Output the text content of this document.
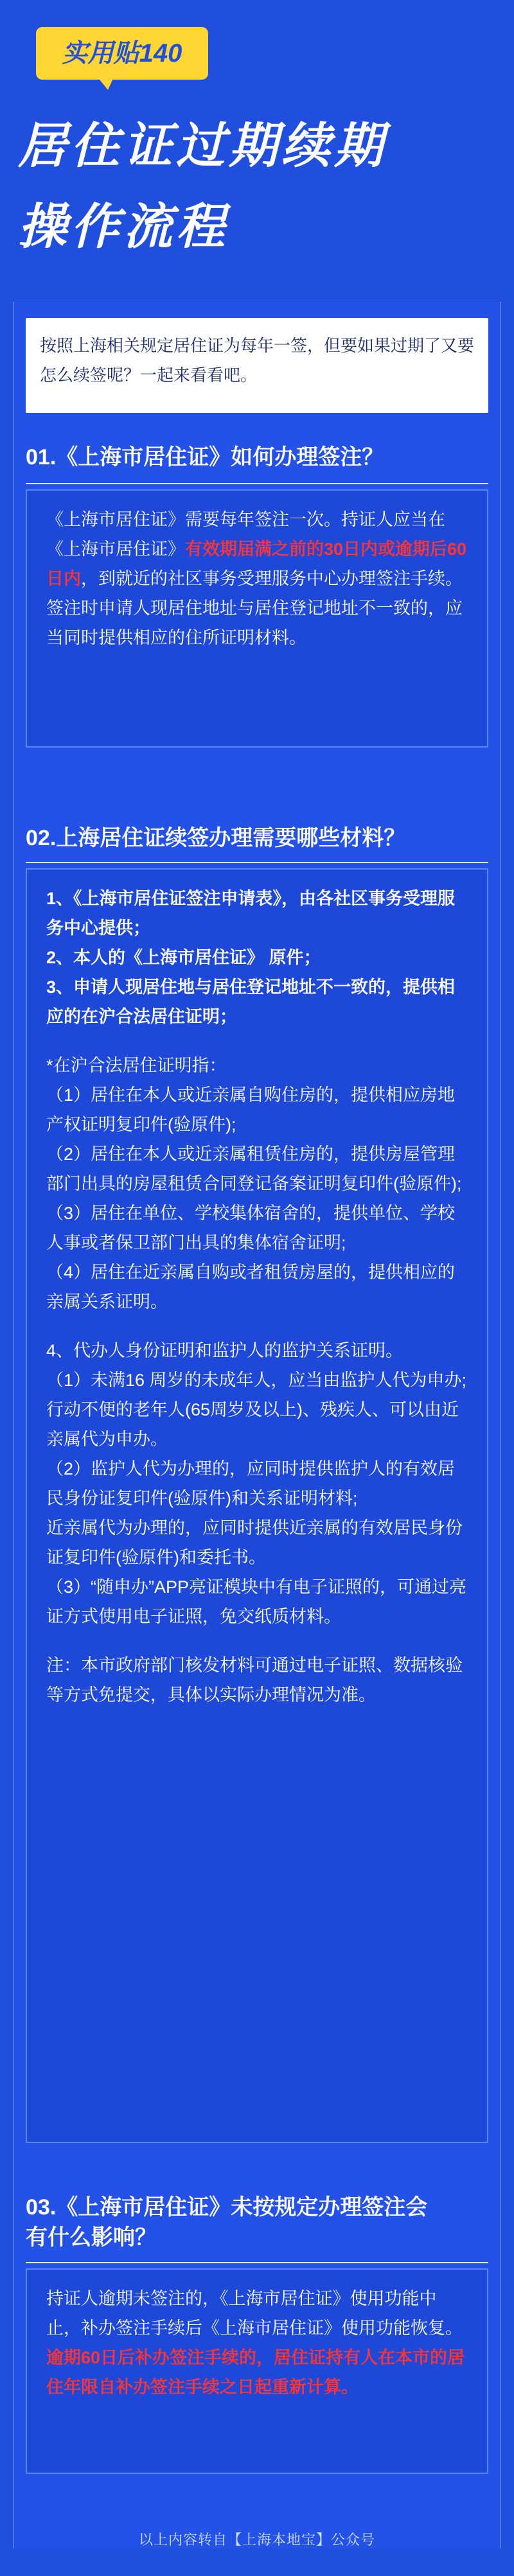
实用贴140
居住证过期续期
操作流程
按照上海相关规定居住证为每年一签，但要如果过期了又要怎么续签呢？一起来看看吧。
01.《上海市居住证》如何办理签注？

《上海市居住证》需要每年签注一次。持证人应当在《上海市居住证》有效期届满之前的30日内或逾期后60日内，到就近的社区事务受理服务中心办理签注手续。签注时申请人现居住地址与居住登记地址不一致的，应当同时提供相应的住所证明材料。

02.上海居住证续签办理需要哪些材料？

1、《上海市居住证签注申请表》，由各社区事务受理服务中心提供；
2、本人的《上海市居住证》 原件；
3、申请人现居住地与居住登记地址不一致的，提供相应的在沪合法居住证明；

*在沪合法居住证明指：
（1）居住在本人或近亲属自购住房的，提供相应房地产权证明复印件(验原件);
（2）居住在本人或近亲属租赁住房的，提供房屋管理部门出具的房屋租赁合同登记备案证明复印件(验原件);
（3）居住在单位、学校集体宿舍的，提供单位、学校人事或者保卫部门出具的集体宿舍证明;
（4）居住在近亲属自购或者租赁房屋的，提供相应的亲属关系证明。

4、代办人身份证明和监护人的监护关系证明。
（1）未满16 周岁的未成年人，应当由监护人代为申办;行动不便的老年人(65周岁及以上)、残疾人、可以由近亲属代为申办。
（2）监护人代为办理的，应同时提供监护人的有效居民身份证复印件(验原件)和关系证明材料;
近亲属代为办理的，应同时提供近亲属的有效居民身份证复印件(验原件)和委托书。
（3）“随申办”APP亮证模块中有电子证照的，可通过亮证方式使用电子证照，免交纸质材料。

注：本市政府部门核发材料可通过电子证照、数据核验等方式免提交，具体以实际办理情况为准。

03.《上海市居住证》未按规定办理签注会
有什么影响？

持证人逾期未签注的，《上海市居住证》使用功能中止，补办签注手续后《上海市居住证》使用功能恢复。逾期60日后补办签注手续的，居住证持有人在本市的居住年限自补办签注手续之日起重新计算。

以上内容转自【上海本地宝】公众号
